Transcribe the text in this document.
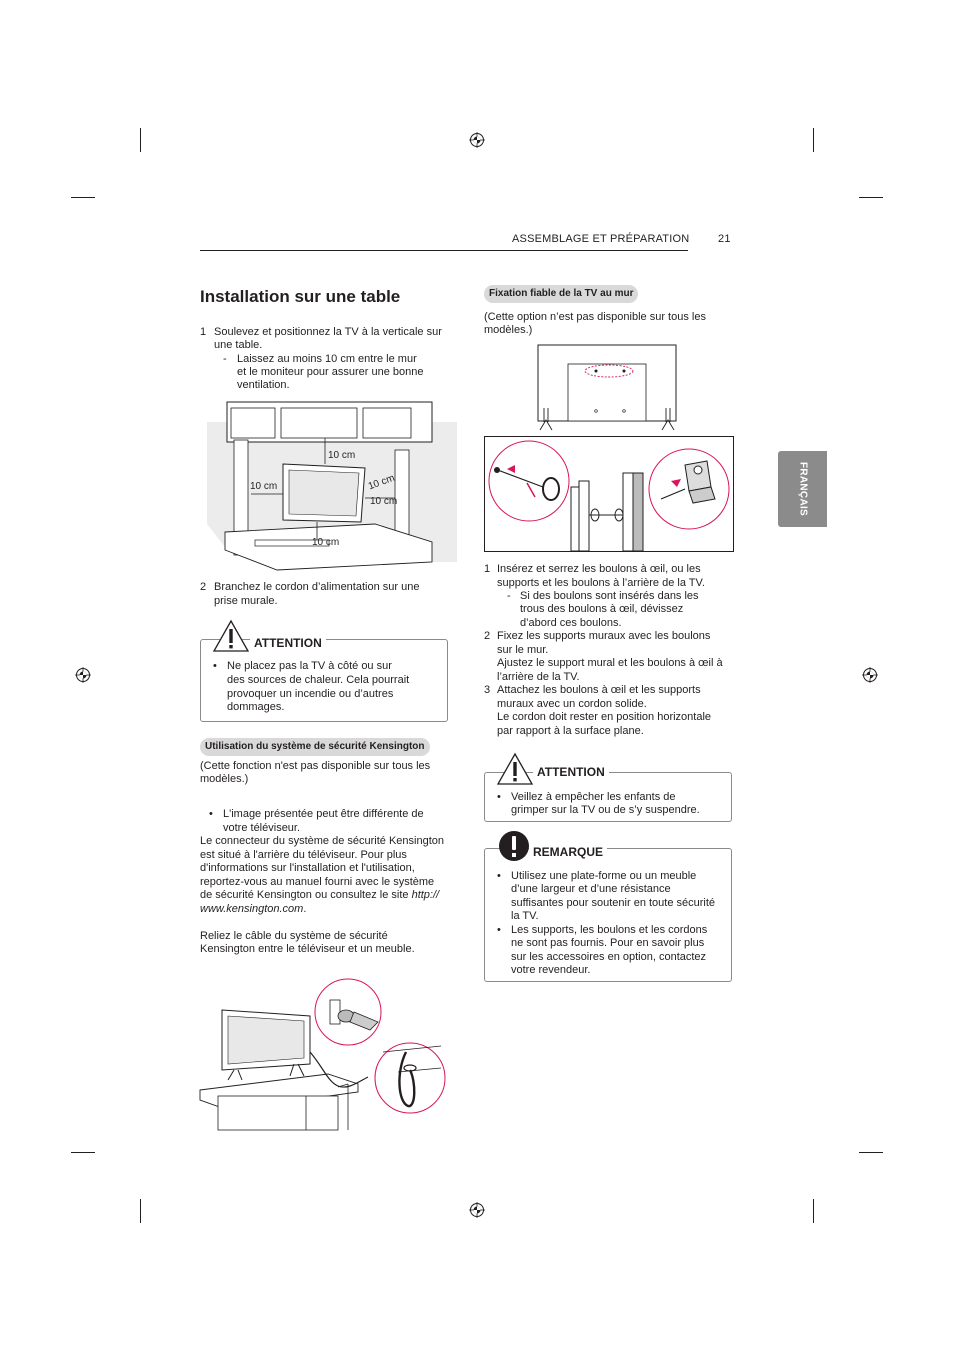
ASSEMBLAGE ET PRÉPARATION	21
FRANÇAIS
Installation sur une table
1 Soulevez et positionnez la TV à la verticale sur
une table.
- Laissez au moins 10 cm entre le mur
et le moniteur pour assurer une bonne
ventilation.
10 cm
10 cm	10 cm
10 cm
10 cm
2 Branchez le cordon d’alimentation sur une
prise murale.
ATTENTION
• Ne placez pas la TV à côté ou sur
des sources de chaleur. Cela pourrait
provoquer un incendie ou d’autres
dommages.
Utilisation du système de sécurité Kensington
(Cette fonction n'est pas disponible sur tous les
modèles.)
• L'image présentée peut être différente de
votre téléviseur.
Le connecteur du système de sécurité Kensington
est situé à l'arrière du téléviseur. Pour plus
d'informations sur l'installation et l'utilisation,
reportez-vous au manuel fourni avec le système
de sécurité Kensington ou consultez le site http://
www.kensington.com.
Reliez le câble du système de sécurité
Kensington entre le téléviseur et un meuble.
Fixation fiable de la TV au mur
(Cette option n’est pas disponible sur tous les
modèles.)
1 Insérez et serrez les boulons à œil, ou les
supports et les boulons à l’arrière de la TV.
- Si des boulons sont insérés dans les
trous des boulons à œil, dévissez
d’abord ces boulons.
2 Fixez les supports muraux avec les boulons
sur le mur.
Ajustez le support mural et les boulons à œil à
l’arrière de la TV.
3 Attachez les boulons à œil et les supports
muraux avec un cordon solide.
Le cordon doit rester en position horizontale
par rapport à la surface plane.
ATTENTION
• Veillez à empêcher les enfants de
grimper sur la TV ou de s’y suspendre.
REMARQUE
• Utilisez une plate-forme ou un meuble
d’une largeur et d’une résistance
suffisantes pour soutenir en toute sécurité
la TV.
• Les supports, les boulons et les cordons
ne sont pas fournis. Pour en savoir plus
sur les accessoires en option, contactez
votre revendeur.
